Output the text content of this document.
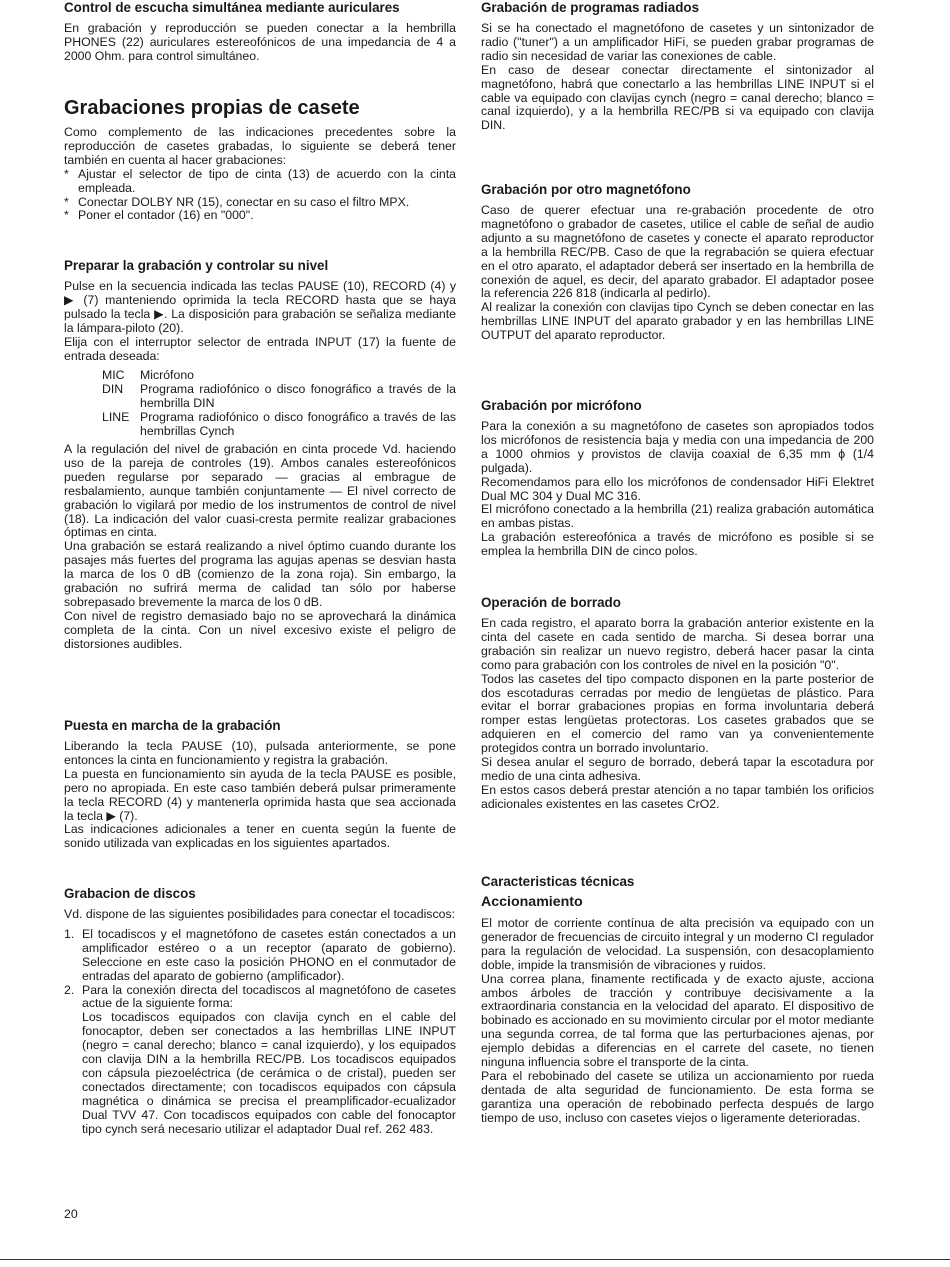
Control de escucha simultánea mediante auriculares

En grabación y reproducción se pueden conectar a la hembrilla PHONES (22) auriculares estereofónicos de una impedancia de 4 a 2000 Ohm. para control simultáneo.

Grabaciones propias de casete

Como complemento de las indicaciones precedentes sobre la reproducción de casetes grabadas, lo siguiente se deberá tener también en cuenta al hacer grabaciones:

* Ajustar el selector de tipo de cinta (13) de acuerdo con la cinta empleada.
* Conectar DOLBY NR (15), conectar en su caso el filtro MPX.
* Poner el contador (16) en "000".
Preparar la grabación y controlar su nivel

Pulse en la secuencia indicada las teclas PAUSE (10), RECORD (4) y ▶ (7) manteniendo oprimida la tecla RECORD hasta que se haya pulsado la tecla ▶. La disposición para grabación se señaliza mediante la lámpara-piloto (20).

Elija con el interruptor selector de entrada INPUT (17) la fuente de entrada deseada:

MIC	Micrófono
DIN	Programa radiofónico o disco fonográfico a través de la hembrilla DIN
LINE Programa radiofónico o disco fonográfico a través de las hembrillas Cynch

A la regulación del nivel de grabación en cinta procede Vd. haciendo uso de la pareja de controles (19). Ambos canales estereofónicos pueden regularse por separado — gracias al embrague de resbalamiento, aunque también conjuntamente — El nivel correcto de grabación lo vigilará por medio de los instrumentos de control de nivel (18). La indicación del valor cuasi-cresta permite realizar grabaciones óptimas en cinta.

Una grabación se estará realizando a nivel óptimo cuando durante los pasajes más fuertes del programa las agujas apenas se desvian hasta la marca de los 0 dB (comienzo de la zona roja). Sin embargo, la grabación no sufrirá merma de calidad tan sólo por haberse sobrepasado brevemente la marca de los 0 dB.

Con nivel de registro demasiado bajo no se aprovechará la dinámica completa de la cinta. Con un nivel excesivo existe el peligro de distorsiones audibles.

Puesta en marcha de la grabación

Liberando la tecla PAUSE (10), pulsada anteriormente, se pone entonces la cinta en funcionamiento y registra la grabación.

La puesta en funcionamiento sin ayuda de la tecla PAUSE es posible, pero no apropiada. En este caso también deberá pulsar primeramente la tecla RECORD (4) y mantenerla oprimida hasta que sea accionada la tecla ▶ (7).

Las indicaciones adicionales a tener en cuenta según la fuente de sonido utilizada van explicadas en los siguientes apartados.

Grabacion de discos

Vd. dispone de las siguientes posibilidades para conectar el tocadiscos:

1. El tocadiscos y el magnetófono de casetes están conectados a un amplificador estéreo o a un receptor (aparato de gobierno). Seleccione en este caso la posición PHONO en el conmutador de entradas del aparato de gobierno (amplificador).
2. Para la conexión directa del tocadiscos al magnetófono de casetes actue de la siguiente forma:

Los tocadiscos equipados con clavija cynch en el cable del fonocaptor, deben ser conectados a las hembrillas LINE INPUT (negro = canal derecho; blanco = canal izquierdo), y los equipados con clavija DIN a la hembrilla REC/PB. Los tocadiscos equipados con cápsula piezoeléctrica (de cerámica o de cristal), pueden ser conectados directamente; con tocadiscos equipados con cápsula magnética o dinámica se precisa el preamplificador-ecualizador Dual TVV 47. Con tocadiscos equipados con cable del fonocaptor tipo cynch será necesario utilizar el adaptador Dual ref. 262 483.

Grabación de programas radiados

Si se ha conectado el magnetófono de casetes y un sintonizador de radio ("tuner") a un amplificador HiFi, se pueden grabar programas de radio sin necesidad de variar las conexiones de cable.

En caso de desear conectar directamente el sintonizador al magnetófono, habrá que conectarlo a las hembrillas LINE INPUT si el cable va equipado con clavijas cynch (negro = canal derecho; blanco = canal izquierdo), y a la hembrilla REC/PB si va equipado con clavija DIN.

Grabación por otro magnetófono

Caso de querer efectuar una re-grabación procedente de otro magnetófono o grabador de casetes, utilice el cable de señal de audio adjunto a su magnetófono de casetes y conecte el aparato reproductor a la hembrilla REC/PB. Caso de que la regrabación se quiera efectuar en el otro aparato, el adaptador deberá ser insertado en la hembrilla de conexión de aquel, es decir, del aparato grabador. El adaptador posee la referencia 226 818 (indicarla al pedirlo).

Al realizar la conexión con clavijas tipo Cynch se deben conectar en las hembrillas LINE INPUT del aparato grabador y en las hembrillas LINE OUTPUT del aparato reproductor.

Grabación por micrófono

Para la conexión a su magnetófono de casetes son apropiados todos los micrófonos de resistencia baja y media con una impedancia de 200 a 1000 ohmios y provistos de clavija coaxial de 6,35 mm ϕ (1/4 pulgada).

Recomendamos para ello los micrófonos de condensador HiFi Elektret Dual MC 304 y Dual MC 316.

El micrófono conectado a la hembrilla (21) realiza grabación automática en ambas pistas.

La grabación estereofónica a través de micrófono es posible si se emplea la hembrilla DIN de cinco polos.

Operación de borrado

En cada registro, el aparato borra la grabación anterior existente en la cinta del casete en cada sentido de marcha. Si desea borrar una grabación sin realizar un nuevo registro, deberá hacer pasar la cinta como para grabación con los controles de nivel en la posición "0".

Todos las casetes del tipo compacto disponen en la parte posterior de dos escotaduras cerradas por medio de lengüetas de plástico. Para evitar el borrar grabaciones propias en forma involuntaria deberá romper estas lengüetas protectoras. Los casetes grabados que se adquieren en el comercio del ramo van ya convenientemente protegidos contra un borrado involuntario.

Si desea anular el seguro de borrado, deberá tapar la escotadura por medio de una cinta adhesiva.

En estos casos deberá prestar atención a no tapar también los orificios adicionales existentes en las casetes CrO2.

Caracteristicas técnicas
Accionamiento

El motor de corriente contínua de alta precisión va equipado con un generador de frecuencias de circuito integral y un moderno CI regulador para la regulación de velocidad. La suspensión, con desacoplamiento doble, impide la transmisión de vibraciones y ruidos.

Una correa plana, finamente rectificada y de exacto ajuste, acciona ambos árboles de tracción y contribuye decisivamente a la extraordinaria constancia en la velocidad del aparato. El dispositivo de bobinado es accionado en su movimiento circular por el motor mediante una segunda correa, de tal forma que las perturbaciones ajenas, por ejemplo debidas a diferencias en el carrete del casete, no tienen ninguna influencia sobre el transporte de la cinta.

Para el rebobinado del casete se utiliza un accionamiento por rueda dentada de alta seguridad de funcionamiento. De esta forma se garantiza una operación de rebobinado perfecta después de largo tiempo de uso, incluso con casetes viejos o ligeramente deterioradas.

20
